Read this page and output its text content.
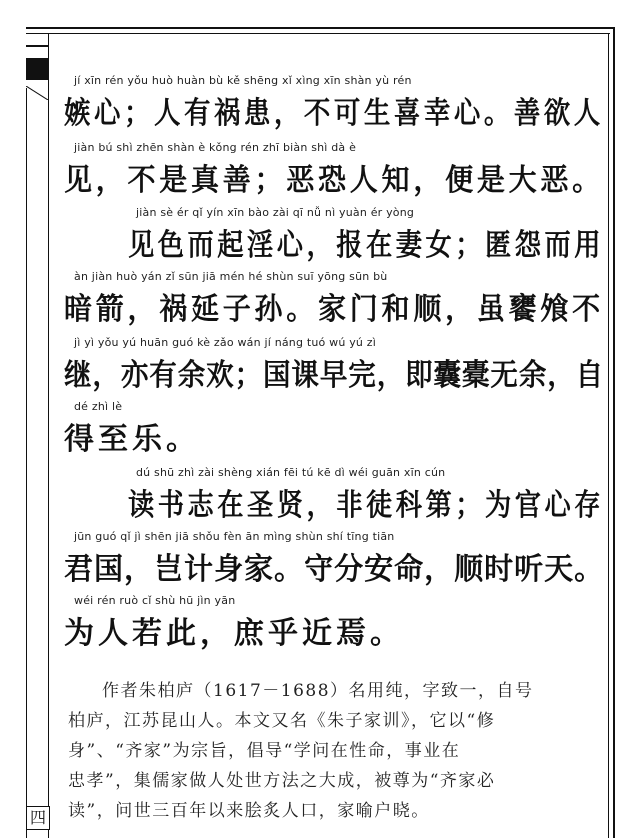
四
jí xīn rén yǒu huò huàn bù kě shēng xǐ xìng xīn shàn yù rén
嫉心；人有祸患，不可生喜幸心。善欲人
jiàn bú shì zhēn shàn è kǒng rén zhī biàn shì dà è
见，不是真善；恶恐人知，便是大恶。
jiàn sè ér qǐ yín xīn bào zài qī nǚ nì yuàn ér yòng
见色而起淫心，报在妻女；匿怨而用
àn jiàn huò yán zǐ sūn jiā mén hé shùn suī yōng sūn bù
暗箭，祸延子孙。家门和顺，虽饔飧不
jì yì yǒu yú huān guó kè zǎo wán jí náng tuó wú yú zì
继，亦有余欢；国课早完，即囊橐无余，自
dé zhì lè
得至乐。
dú shū zhì zài shèng xián fēi tú kē dì wéi guān xīn cún
读书志在圣贤，非徒科第；为官心存
jūn guó qǐ jì shēn jiā shǒu fèn ān mìng shùn shí tīng tiān
君国，岂计身家。守分安命，顺时听天。
wéi rén ruò cǐ shù hū jìn yān
为人若此，庶乎近焉。

作者朱柏庐（1617－1688）名用纯，字致一，自号

柏庐，江苏昆山人。本文又名《朱子家训》，它以“修

身”、“齐家”为宗旨，倡导“学问在性命，事业在

忠孝”，集儒家做人处世方法之大成，被尊为“齐家必

读”，问世三百年以来脍炙人口，家喻户晓。
